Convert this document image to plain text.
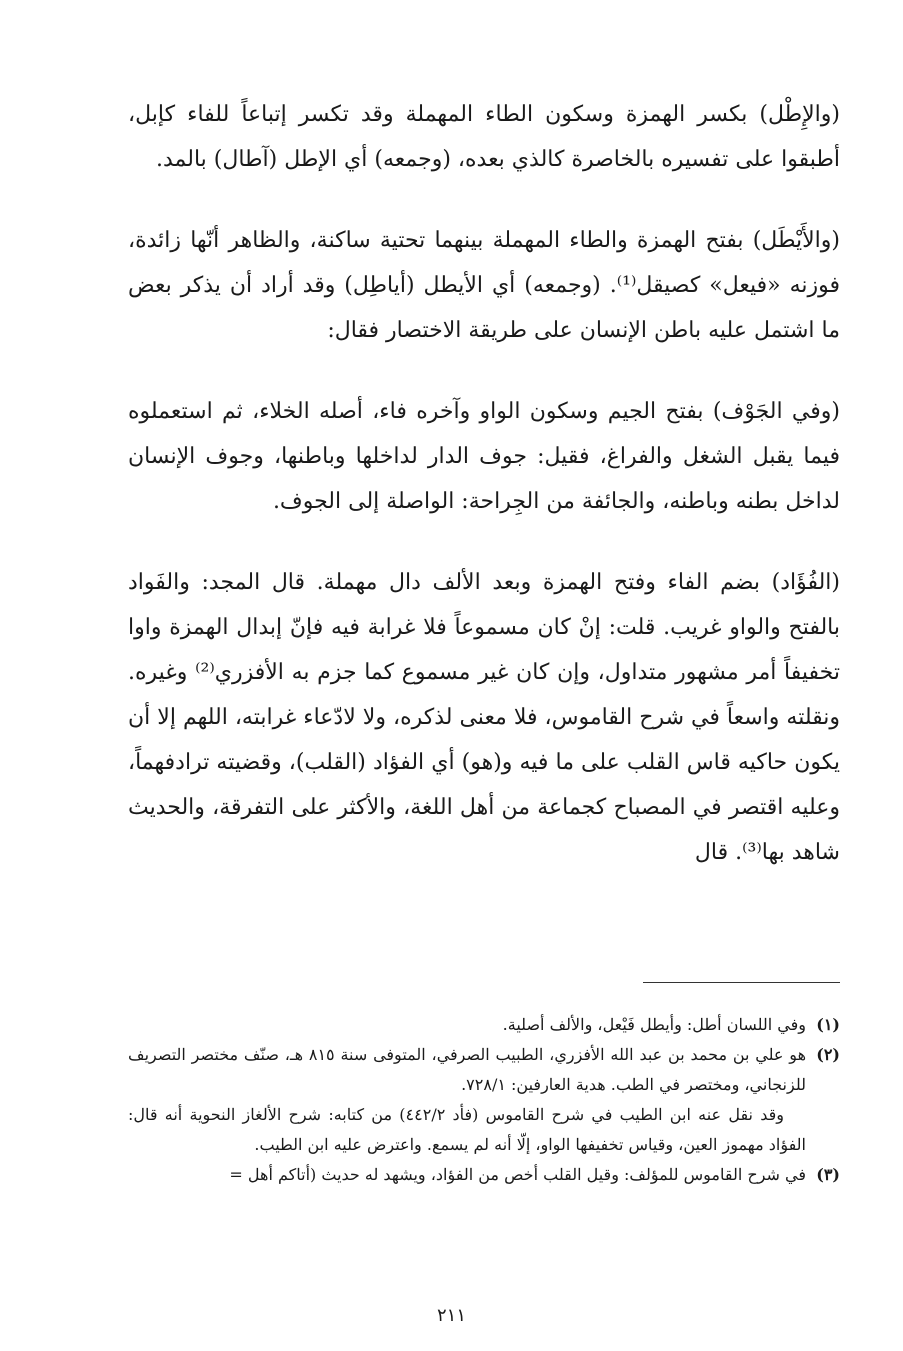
(والإِطْل) بكسر الهمزة وسكون الطاء المهملة وقد تكسر إتباعاً للفاء كإبل، أطبقوا على تفسيره بالخاصرة كالذي بعده، (وجمعه) أي الإطل (آطال) بالمد.

(والأَيْطَل) بفتح الهمزة والطاء المهملة بينهما تحتية ساكنة، والظاهر أنّها زائدة، فوزنه «فيعل» كصيقل⁽¹⁾. (وجمعه) أي الأيطل (أياطِل) وقد أراد أن يذكر بعض ما اشتمل عليه باطن الإنسان على طريقة الاختصار فقال:

(وفي الجَوْف) بفتح الجيم وسكون الواو وآخره فاء، أصله الخلاء، ثم استعملوه فيما يقبل الشغل والفراغ، فقيل: جوف الدار لداخلها وباطنها، وجوف الإنسان لداخل بطنه وباطنه، والجائفة من الجِراحة: الواصلة إلى الجوف.

(الفُؤَاد) بضم الفاء وفتح الهمزة وبعد الألف دال مهملة. قال المجد: والفَواد بالفتح والواو غريب. قلت: إنْ كان مسموعاً فلا غرابة فيه فإنّ إبدال الهمزة واوا تخفيفاً أمر مشهور متداول، وإن كان غير مسموع كما جزم به الأفزري⁽²⁾ وغيره. ونقلته واسعاً في شرح القاموس، فلا معنى لذكره، ولا لادّعاء غرابته، اللهم إلا أن يكون حاكيه قاس القلب على ما فيه و(هو) أي الفؤاد (القلب)، وقضيته ترادفهماً، وعليه اقتصر في المصباح كجماعة من أهل اللغة، والأكثر على التفرقة، والحديث شاهد بها⁽³⁾. قال

(١)
وفي اللسان أطل: وأيطل فَيْعل، والألف أصلية.
(٢)
هو علي بن محمد بن عبد الله الأفزري، الطبيب الصرفي، المتوفى سنة ٨١٥ هـ، صنّف مختصر التصريف للزنجاني، ومختصر في الطب. هدية العارفين: ٧٢٨/١.
وقد نقل عنه ابن الطيب في شرح القاموس (فأد ٤٤٢/٢) من كتابه: شرح الألغاز النحوية أنه قال: الفؤاد مهموز العين، وقياس تخفيفها الواو، إلّا أنه لم يسمع. واعترض عليه ابن الطيب.
(٣)
في شرح القاموس للمؤلف: وقيل القلب أخص من الفؤاد، ويشهد له حديث (أتاكم أهل =
٢١١
